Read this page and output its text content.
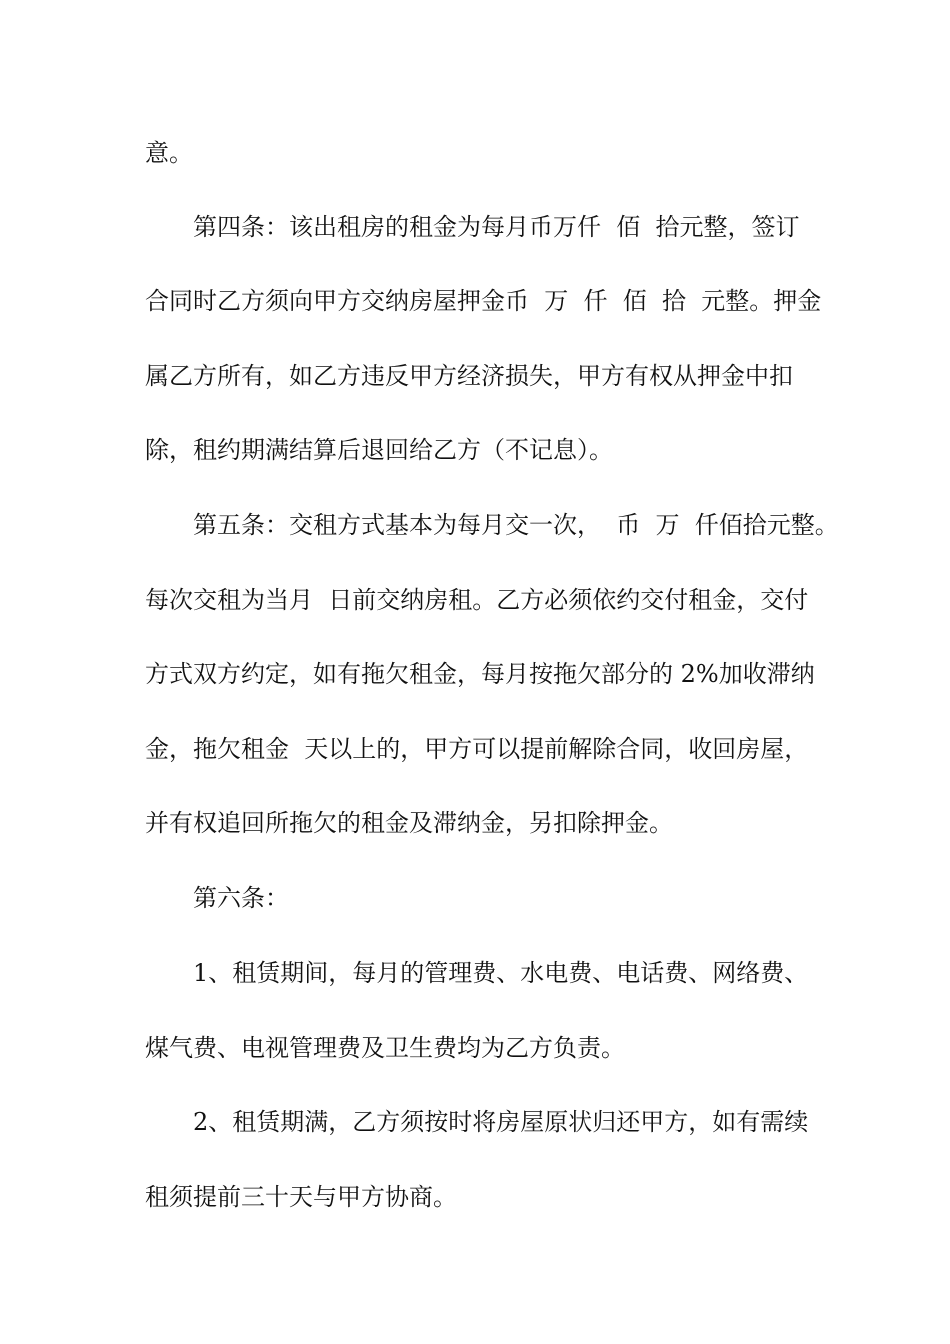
意。
第四条：该出租房的租金为每月币万仟  佰  拾元整，签订
合同时乙方须向甲方交纳房屋押金币  万  仟  佰  拾  元整。押金
属乙方所有，如乙方违反甲方经济损失，甲方有权从押金中扣
除，租约期满结算后退回给乙方（不记息）。
第五条：交租方式基本为每月交一次，  币  万  仟佰拾元整。
每次交租为当月  日前交纳房租。乙方必须依约交付租金，交付
方式双方约定，如有拖欠租金，每月按拖欠部分的 2%加收滞纳
金，拖欠租金  天以上的，甲方可以提前解除合同，收回房屋，
并有权追回所拖欠的租金及滞纳金，另扣除押金。
第六条：
1、租赁期间，每月的管理费、水电费、电话费、网络费、
煤气费、电视管理费及卫生费均为乙方负责。
2、租赁期满，乙方须按时将房屋原状归还甲方，如有需续
租须提前三十天与甲方协商。
